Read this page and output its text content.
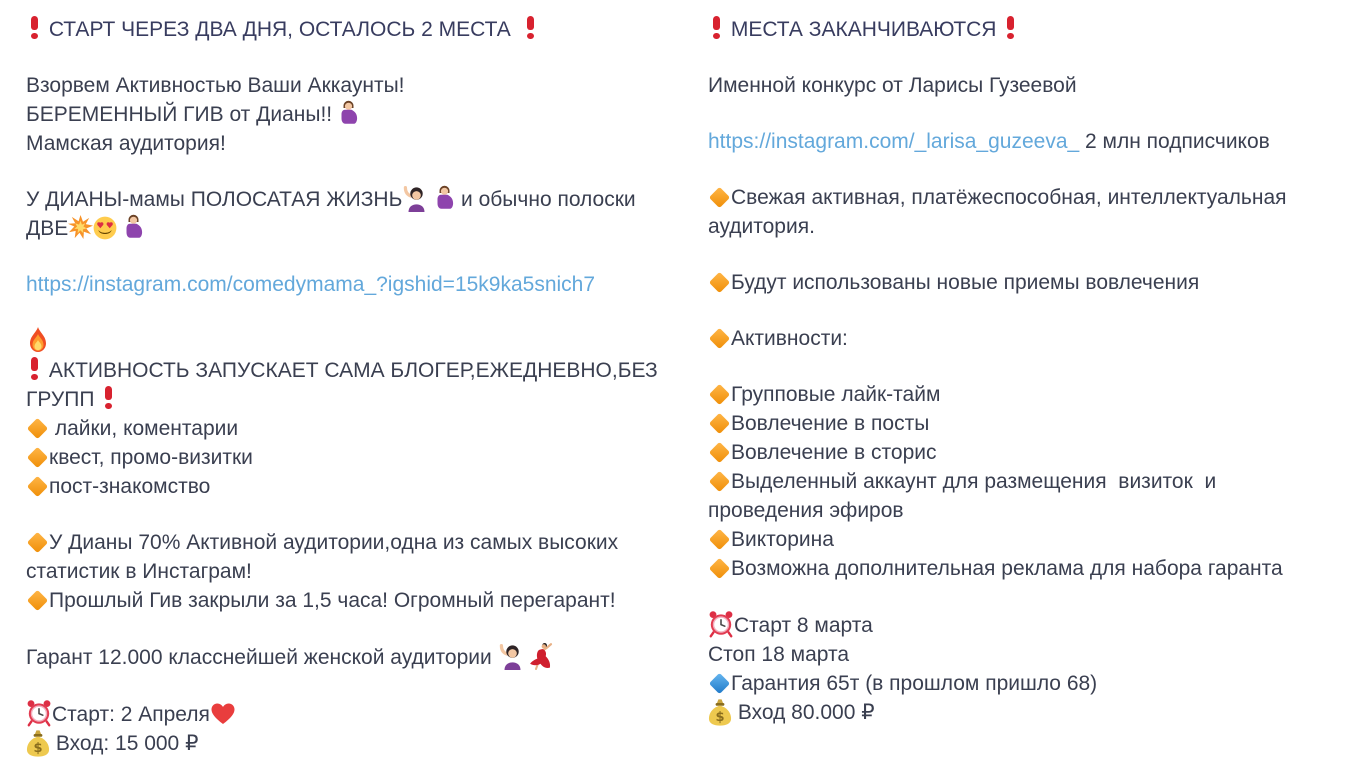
СТАРТ ЧЕРЕЗ ДВА ДНЯ, ОСТАЛОСЬ 2 МЕСТА
Взорвем Активностью Ваши Аккаунты!
БЕРЕМЕННЫЙ ГИВ от Дианы!!
Мамская аудитория!
У ДИАНЫ-мамы ПОЛОСАТАЯ ЖИЗНЬ
	и обычно полоски
ДВЕ

https://instagram.com/comedymama_?igshid=15k9ka5snich7
АКТИВНОСТЬ ЗАПУСКАЕТ САМА БЛОГЕР,ЕЖЕДНЕВНО,БЕЗ
ГРУПП
лайки, коментарии
квест, промо-визитки
пост-знакомство
У Дианы 70% Активной аудитории,одна из самых высоких
статистик в Инстаграм!
Прошлый Гив закрыли за 1,5 часа! Огромный перегарант!
Гарант 12.000 класснейшей женской аудитории

Старт: 2 Апреля
$ Вход: 15 000 ₽
МЕСТА ЗАКАНЧИВАЮТСЯ
Именной конкурс от Ларисы Гузеевой
https://instagram.com/_larisa_guzeeva_ 2 млн подписчиков
Свежая активная, платёжеспособная, интеллектуальная
аудитория.
Будут использованы новые приемы вовлечения
Активности:
Групповые лайк-тайм
Вовлечение в посты
Вовлечение в сторис
Выделенный аккаунт для размещения  визиток  и
проведения эфиров
Викторина
Возможна дополнительная реклама для набора гаранта
Старт 8 марта
Стоп 18 марта
Гарантия 65т (в прошлом пришло 68)
$ Вход 80.000 ₽
